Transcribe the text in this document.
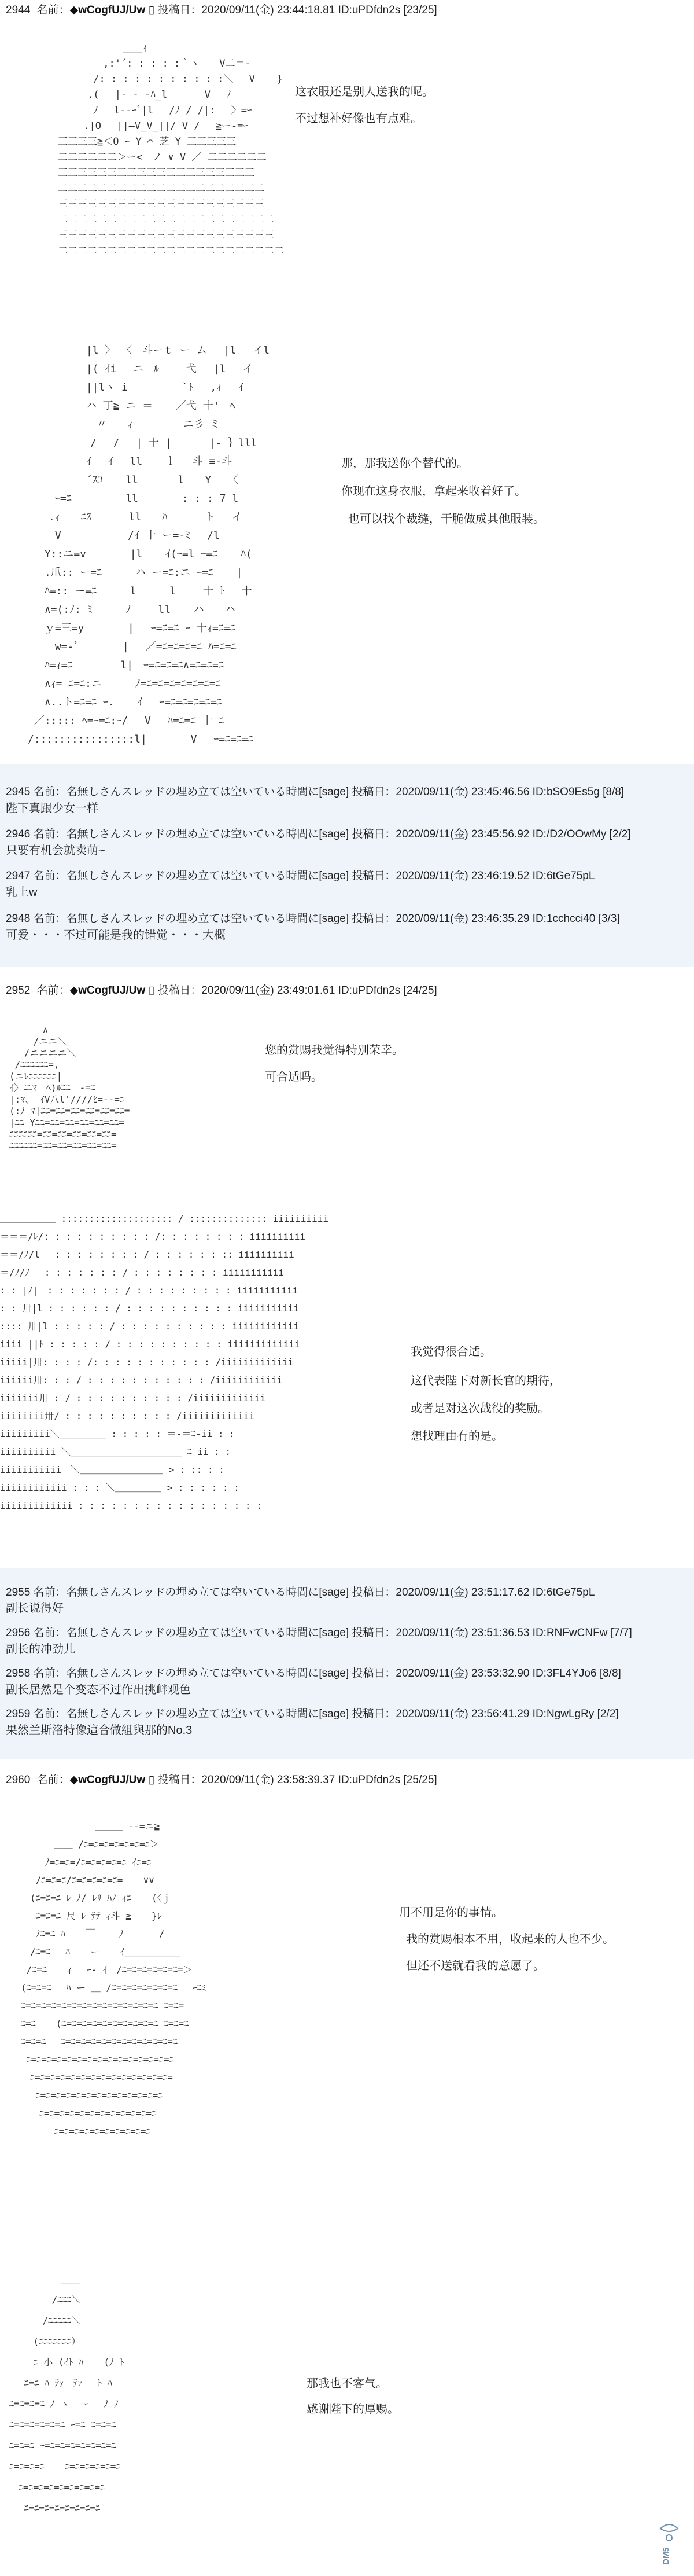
2944 名前：◆wCogfUJ/Uw ▯ 投稿日：2020/09/11(金) 23:44:18.81 ID:uPDfdn2s [23/25]
　　　　　　 ＿＿ｨ
　　　　 ,:'´: : : : :｀ヽ　　V二＝-
　　　 /: : : : : : : : : : :＼　 V 　 }
　　　.(　 |‐ ‐ ‐ﾊ_l 　 　 V 　ﾉ
　　　 ﾉ 　l-‐ｰﾞ|l 　/ﾉ / /|: 　〉=ｰ
　　 .|O　 ||―V_V_||/ V /　 ≧ー-=ｰ
三三三三≧＜O ｰ Y ⌒ 芝 Y 三三三三三
二二二二二二＞ー<　ノ ∨ V ／ 二二二二二二
三三三三三三三三三三三三三三三三三三三三
二二二二二二二二二二二二二二二二二二二二二
三三三三三三三三三三三三三三三三三三三三三
二二二二二二二二二二二二二二二二二二二二二二
三三三三三三三三三三三三三三三三三三三三三三
二二二二二二二二二二二二二二二二二二二二二二二
这衣服还是别人送我的呢。
不过想补好像也有点难。
　　　　　　 |l 〉 〈　斗ーｔ ー ム　 |l　 イl
　　　　　　 |( ｲi　 ニ　ﾙ 　　弋 　|l 　イ
　　　　　　 ||lヽ i　　　 　 `ﾄ　 ,ｨ　 ｲ
　　　　　　 ハ 丁≧ ニ ＝ 　 ／弋 十'　ﾍ
　　　　　　　 〃　　ｨ 　　 　 ニ彡 ミ
　　　　　　　/　 /　 | 十 |　　　 |- ｝lll
　　　　　　 ｲ　 ｲ　 ll 　 ｌ　 斗 ≡-斗
　　　　　　 ´ｽｺ 　 ll 　 　 l　　Y　 〈
　　　 ｰ=ﾆ 　　　　 ll　　 　 : : : 7 l
　　　.ｨ　　ﾆｽ　　　 ll　　ﾊ　　　 ト 　イ
　　　 V 　 　 　　 /ｲ 十 ー=-ﾐ 　/l
　　 Y::ニ=v 　　　 |l 　 ｲ(ｰ=l ｰ=ﾆ 　 ﾊ(
　　 .爪:: ー=ﾆ 　　 ハ ー=ﾆ:ニ ｰ=ﾆ 　 |
　　 ﾊ=:: ー=ﾆ 　　 l 　 　l　　 十 ﾄ　 十
　　 ∧=(:ﾉ: ﾐ 　　 ﾉ　　 ll 　 ハ　　ハ
　　 ｙ=三=y 　　　 |　 ｰ=ﾆ=ﾆ ｰ 十ｨ=ﾆ=ﾆ
　　　 w=-ﾞ 　　　 |　 ／=ﾆ=ﾆ=ﾆ=ﾆ ﾊ=ﾆ=ﾆ
　　 ﾊ=ｨ=ﾆ　　　　 l|　ｰ=ﾆ=ﾆ=ﾆ∧=ﾆ=ﾆ=ﾆ
　　 ∧ｨ= ﾆ=ﾆ:ニ 　　 ﾉ=ﾆ=ﾆ=ﾆ=ﾆ=ﾆ=ﾆ=ﾆ
　　 ∧..ト=ﾆ=ﾆ ｰ. 　 ｲ　 ｰ=ﾆ=ﾆ=ﾆ=ﾆ=ﾆ
　 ／::::: ﾍ=ｰ=ﾆ:ｰ/　 V　 ﾊ=ﾆ=ﾆ 十 ﾆ
　/::::::::::::::::l|　　 　 V　 ｰ=ﾆ=ﾆ=ﾆ
那，那我送你个替代的。
你现在这身衣服，拿起来收着好了。
也可以找个裁缝，干脆做成其他服装。
2945 名前：名無しさんスレッドの埋め立ては空いている時間に[sage] 投稿日：2020/09/11(金) 23:45:46.56 ID:bSO9Es5g [8/8]
陛下真跟少女一样
2946 名前：名無しさんスレッドの埋め立ては空いている時間に[sage] 投稿日：2020/09/11(金) 23:45:56.92 ID:/D2/OOwMy [2/2]
只要有机会就卖萌~
2947 名前：名無しさんスレッドの埋め立ては空いている時間に[sage] 投稿日：2020/09/11(金) 23:46:19.52 ID:6tGe75pL
乳上w
2948 名前：名無しさんスレッドの埋め立ては空いている時間に[sage] 投稿日：2020/09/11(金) 23:46:35.29 ID:1cchcci40 [3/3]
可爱・・・不过可能是我的错觉・・・大概
2952 名前：◆wCogfUJ/Uw ▯ 投稿日：2020/09/11(金) 23:49:01.61 ID:uPDfdn2s [24/25]
　　　　 ∧
　　　 /ニニ＼
　　 /ニニニニ＼
　 /ﾆﾆﾆﾆﾆﾆ=,
　(ニﾚﾆﾆﾆﾆﾆﾆ|
　ｲ〉ニﾏ　ﾍ)ﾙﾆﾆ　-=ﾆ
　|:ﾏ、 ｲV八l'////ﾋ=-‐=ﾆ
　(:ﾉ ﾏ|ﾆﾆ=ﾆﾆ=ﾆﾆ=ﾆﾆ=ﾆﾆ=ﾆﾆ=
　|ﾆﾆ Yﾆﾆ=ﾆﾆ=ﾆﾆ=ﾆﾆ=ﾆﾆ=ﾆﾆ=
　ﾆﾆﾆﾆﾆﾆ=ﾆﾆ=ﾆﾆ=ﾆﾆ=ﾆﾆ=ﾆﾆ=
　ﾆﾆﾆﾆﾆﾆ=ﾆﾆ=ﾆﾆ=ﾆﾆ=ﾆﾆ=ﾆﾆ=
您的赏赐我觉得特别荣幸。
可合适吗。
＿＿＿＿＿＿ :::::::::::::::::::: / :::::::::::::: iiiiiiiiii
＝＝＝/ﾚ/: : : : : : : : : : /: : : : : : : : iiiiiiiiii
＝＝/ﾉ/l　 : : : : : : : : / : : : : : : :: iiiiiiiiii
＝/ﾉ/ﾉ　 : : : : : : : / : : : : : : : : iiiiiiiiiii
: : |ﾉ|　: : : : : : : / : : : : : : : : : iiiiiiiiiii
: : 卅|l : : : : : : / : : : : : : : : : : iiiiiiiiiii
:::: 卅|l : : : : : / : : : : : : : : : : iiiiiiiiiiii
iiii ||ﾄ : : : : : / : : : : : : : : : : iiiiiiiiiiiii
iiiii|卅: : : : /: : : : : : : : : : : /iiiiiiiiiiiii
iiiiii卅: : : / : : : : : : : : : : : /iiiiiiiiiiii
iiiiiii卅 : / : : : : : : : : : : /iiiiiiiiiiiii
iiiiiiii卅/ : : : : : : : : : : /iiiiiiiiiiiii
iiiiiiiii＼＿＿＿＿＿ : : : : : ＝-＝ﾆ-ii : :
iiiiiiiiii ＼＿＿＿＿＿＿＿＿＿＿＿＿ ﾆ ii : :
iiiiiiiiiii　＼＿＿＿＿＿＿＿＿＿ > : :: : :
iiiiiiiiiiii : : : ＼＿＿＿＿＿ > : : : : : :
iiiiiiiiiiiii : : : : : : : : : : : : : : : : :
我觉得很合适。
这代表陛下对新长官的期待，
或者是对这次战役的奖励。
想找理由有的是。
2955 名前：名無しさんスレッドの埋め立ては空いている時間に[sage] 投稿日：2020/09/11(金) 23:51:17.62 ID:6tGe75pL
副长说得好
2956 名前：名無しさんスレッドの埋め立ては空いている時間に[sage] 投稿日：2020/09/11(金) 23:51:36.53 ID:RNFwCNFw [7/7]
副长的冲劲儿
2958 名前：名無しさんスレッドの埋め立ては空いている時間に[sage] 投稿日：2020/09/11(金) 23:53:32.90 ID:3FL4YJo6 [8/8]
副长居然是个变态不过作出挑衅观色
2959 名前：名無しさんスレッドの埋め立ては空いている時間に[sage] 投稿日：2020/09/11(金) 23:56:41.29 ID:NgwLgRy [2/2]
果然兰斯洛特像這合做組與那的No.3
2960 名前：◆wCogfUJ/Uw ▯ 投稿日：2020/09/11(金) 23:58:39.37 ID:uPDfdn2s [25/25]
　　　　　　　　　＿＿＿ --=ニ≧
　　　　 ＿＿ /ﾆ=ﾆ=ﾆ=ﾆ=ﾆ=ﾆ=ﾆ＞
　　　 ﾉ=ﾆ=ﾆ=/ﾆ=ﾆ=ﾆ=ﾆ=ﾆ ｲﾆ=ﾆ
　　 /ﾆ=ﾆ=ﾆ/ﾆ=ﾆ=ﾆ=ﾆ=ﾆ= 　 ∨∨
　　(ﾆ=ﾆ=ﾆ ﾚ ﾉ/ ﾚﾘ ﾊﾉ ｨﾆ 　 (〈ｊ
　　 ﾆ=ﾆ=ﾆ 尺 ﾚ ﾃﾃ ｨ斗 ≧ 　 }ﾚ
　　 ﾉﾆ=ﾆ ﾊ 　 ￣　　 ﾉ 　 　 /
　　/ﾆ=ﾆ 　ﾊ 　 ー 　 ｲ＿＿＿＿＿＿
　 /ﾆ=ﾆ 　 ｨ 　ｰ- ｲ　/ﾆ=ﾆ=ﾆ=ﾆ=ﾆ=ﾆ=＞
　(ﾆ=ﾆ=ﾆ　 ﾊ ー ＿ /ﾆ=ﾆ=ﾆ=ﾆ=ﾆ=ﾆ=ﾆ 　ｰﾆﾐ
　ﾆ=ﾆ=ﾆ=ﾆ=ﾆ=ﾆ=ﾆ=ﾆ=ﾆ=ﾆ=ﾆ=ﾆ=ﾆ=ﾆ ﾆ=ﾆ=
　ﾆ=ﾆ 　 (ﾆ=ﾆ=ﾆ=ﾆ=ﾆ=ﾆ=ﾆ=ﾆ=ﾆ=ﾆ ﾆ=ﾆ=ﾆ
　ﾆ=ﾆ=ﾆ　 ﾆ=ﾆ=ﾆ=ﾆ=ﾆ=ﾆ=ﾆ=ﾆ=ﾆ=ﾆ=ﾆ=ﾆ
　 ﾆ=ﾆ=ﾆ=ﾆ=ﾆ=ﾆ=ﾆ=ﾆ=ﾆ=ﾆ=ﾆ=ﾆ=ﾆ=ﾆ=ﾆ
　　ﾆ=ﾆ=ﾆ=ﾆ=ﾆ=ﾆ=ﾆ=ﾆ=ﾆ=ﾆ=ﾆ=ﾆ=ﾆ=ﾆ=
　　 ﾆ=ﾆ=ﾆ=ﾆ=ﾆ=ﾆ=ﾆ=ﾆ=ﾆ=ﾆ=ﾆ=ﾆ=ﾆ
　　　ﾆ=ﾆ=ﾆ=ﾆ=ﾆ=ﾆ=ﾆ=ﾆ=ﾆ=ﾆ=ﾆ=ﾆ
　　　　 ﾆ=ﾆ=ﾆ=ﾆ=ﾆ=ﾆ=ﾆ=ﾆ=ﾆ=ﾆ
用不用是你的事情。
我的赏赐根本不用，收起来的人也不少。
但还不送就看我的意愿了。
　　　　　　 ＿＿
　　　　　 /ﾆﾆﾆ＼
　　　　 /ﾆﾆﾆﾆﾆ＼
　　　 (ﾆﾆﾆﾆﾆﾆﾆ）
　　　 ﾆ 小 (ｲﾄ ﾊ 　 (ﾉ ﾄ
　　 ﾆ=ﾆ ﾊ ﾃｧ　ﾃｧ 　ﾄ ﾊ
　ﾆ=ﾆ=ﾆ=ﾆ ﾉ ヽ 　ｰ 　ﾉ ﾉ
　ﾆ=ﾆ=ﾆ=ﾆ=ﾆ=ﾆ ｰ=ﾆ ﾆ=ﾆ=ﾆ
　ﾆ=ﾆ=ﾆ ｰ=ﾆ=ﾆ=ﾆ=ﾆ=ﾆ=ﾆ=ﾆ
　ﾆ=ﾆ=ﾆ=ﾆ 　 ﾆ=ﾆ=ﾆ=ﾆ=ﾆ=ﾆ
　　ﾆ=ﾆ=ﾆ=ﾆ=ﾆ=ﾆ=ﾆ=ﾆ=ﾆ
　　 ﾆ=ﾆ=ﾆ=ﾆ=ﾆ=ﾆ=ﾆ=ﾆ
那我也不客气。
感谢陛下的厚赐。
DM5
